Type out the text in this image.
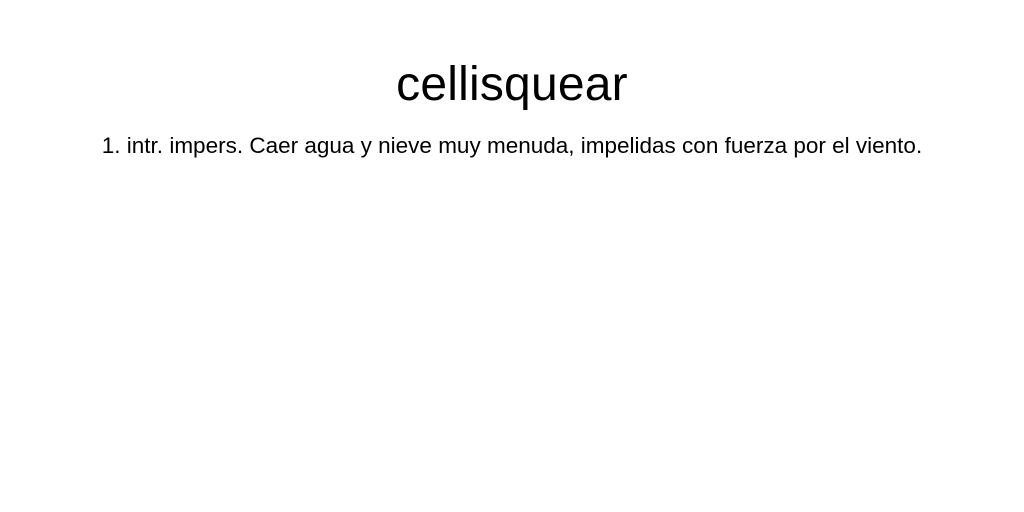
cellisquear

1. intr. impers. Caer agua y nieve muy menuda, impelidas con fuerza por el viento.
